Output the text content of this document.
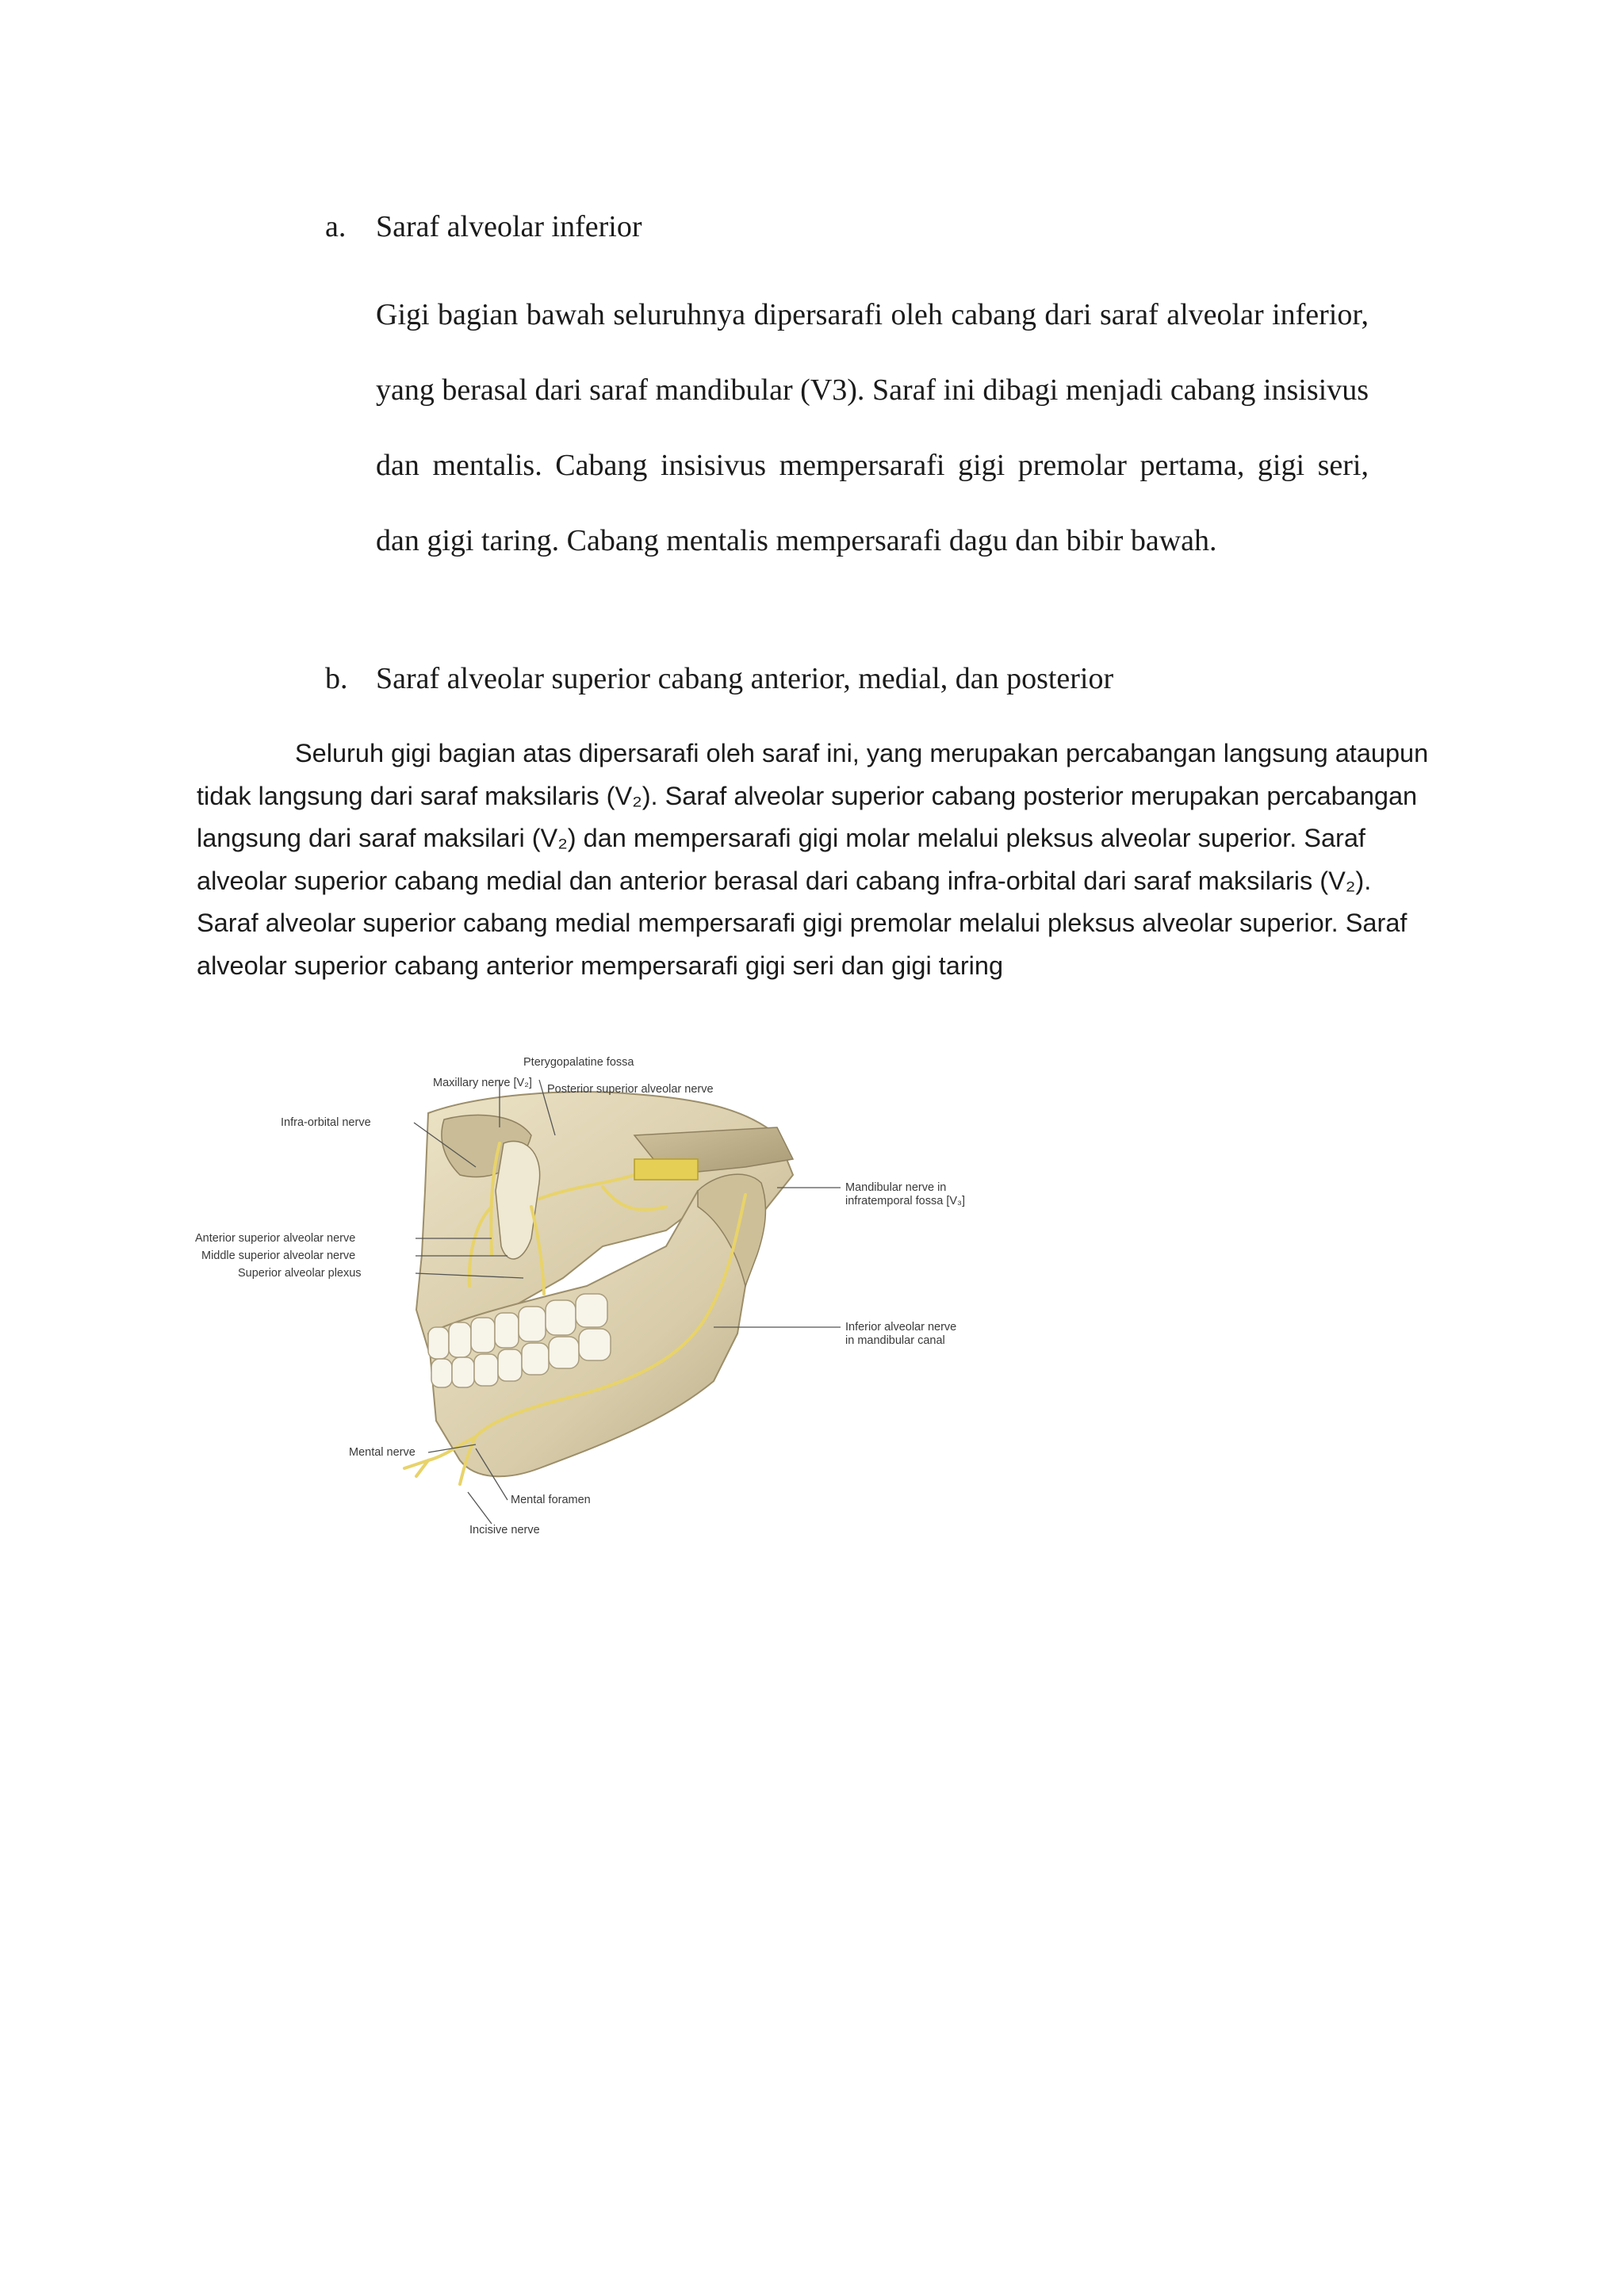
a. Saraf alveolar inferior
Gigi bagian bawah seluruhnya dipersarafi oleh cabang dari saraf alveolar inferior, yang berasal dari saraf mandibular (V3). Saraf ini dibagi menjadi cabang insisivus dan mentalis. Cabang insisivus mempersarafi gigi premolar pertama, gigi seri, dan gigi taring. Cabang mentalis mempersarafi dagu dan bibir bawah.
b. Saraf alveolar superior cabang anterior, medial, dan posterior
Seluruh gigi bagian atas dipersarafi oleh saraf ini, yang merupakan percabangan langsung ataupun tidak langsung dari saraf maksilaris (V₂). Saraf alveolar superior cabang posterior merupakan percabangan langsung dari saraf maksilari (V₂) dan mempersarafi gigi molar melalui pleksus alveolar superior. Saraf alveolar superior cabang medial dan anterior berasal dari cabang infra-orbital dari saraf maksilaris (V₂). Saraf alveolar superior cabang medial mempersarafi gigi premolar melalui pleksus alveolar superior. Saraf alveolar superior cabang anterior mempersarafi gigi seri dan gigi taring
Pterygopalatine fossa
Maxillary nerve [V₂] Posterior superior alveolar nerve
Infra-orbital nerve
Anterior superior alveolar nerve
Middle superior alveolar nerve
Superior alveolar plexus
Mandibular nerve in
infratemporal fossa [V₃]
Inferior alveolar nerve
in mandibular canal
Mental nerve
Mental foramen
Incisive nerve
